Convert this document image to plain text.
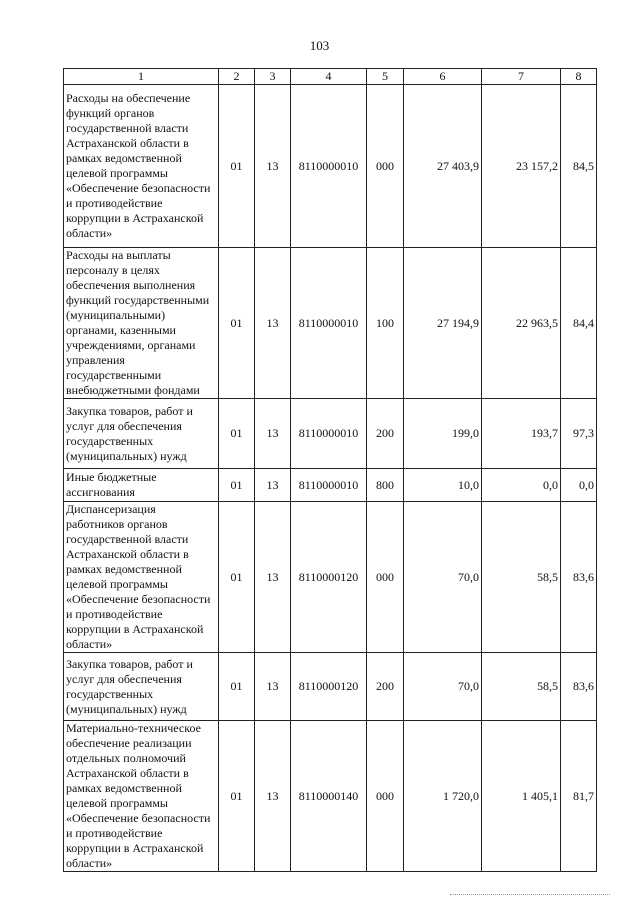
103
1	2	3	4	5	6	7	8
Расходы на обеспечение функций органов государственной власти Астраханской области в рамках ведомственной целевой программы «Обеспечение безопасности и противодействие коррупции в Астраханской области»	01	13	8110000010	000	27 403,9	23 157,2	84,5
Расходы на выплаты персоналу в целях обеспечения выполнения функций государственными (муниципальными) органами, казенными учреждениями, органами управления государственными внебюджетными фондами	01	13	8110000010	100	27 194,9	22 963,5	84,4
Закупка товаров, работ и услуг для обеспечения государственных (муниципальных) нужд	01	13	8110000010	200	199,0	193,7	97,3
Иные бюджетные ассигнования	01	13	8110000010	800	10,0	0,0	0,0
Диспансеризация работников органов государственной власти Астраханской области в рамках ведомственной целевой программы «Обеспечение безопасности и противодействие коррупции в Астраханской области»	01	13	8110000120	000	70,0	58,5	83,6
Закупка товаров, работ и услуг для обеспечения государственных (муниципальных) нужд	01	13	8110000120	200	70,0	58,5	83,6
Материально-техническое обеспечение реализации отдельных полномочий Астраханской области в рамках ведомственной целевой программы «Обеспечение безопасности и противодействие коррупции в Астраханской области»	01	13	8110000140	000	1 720,0	1 405,1	81,7
